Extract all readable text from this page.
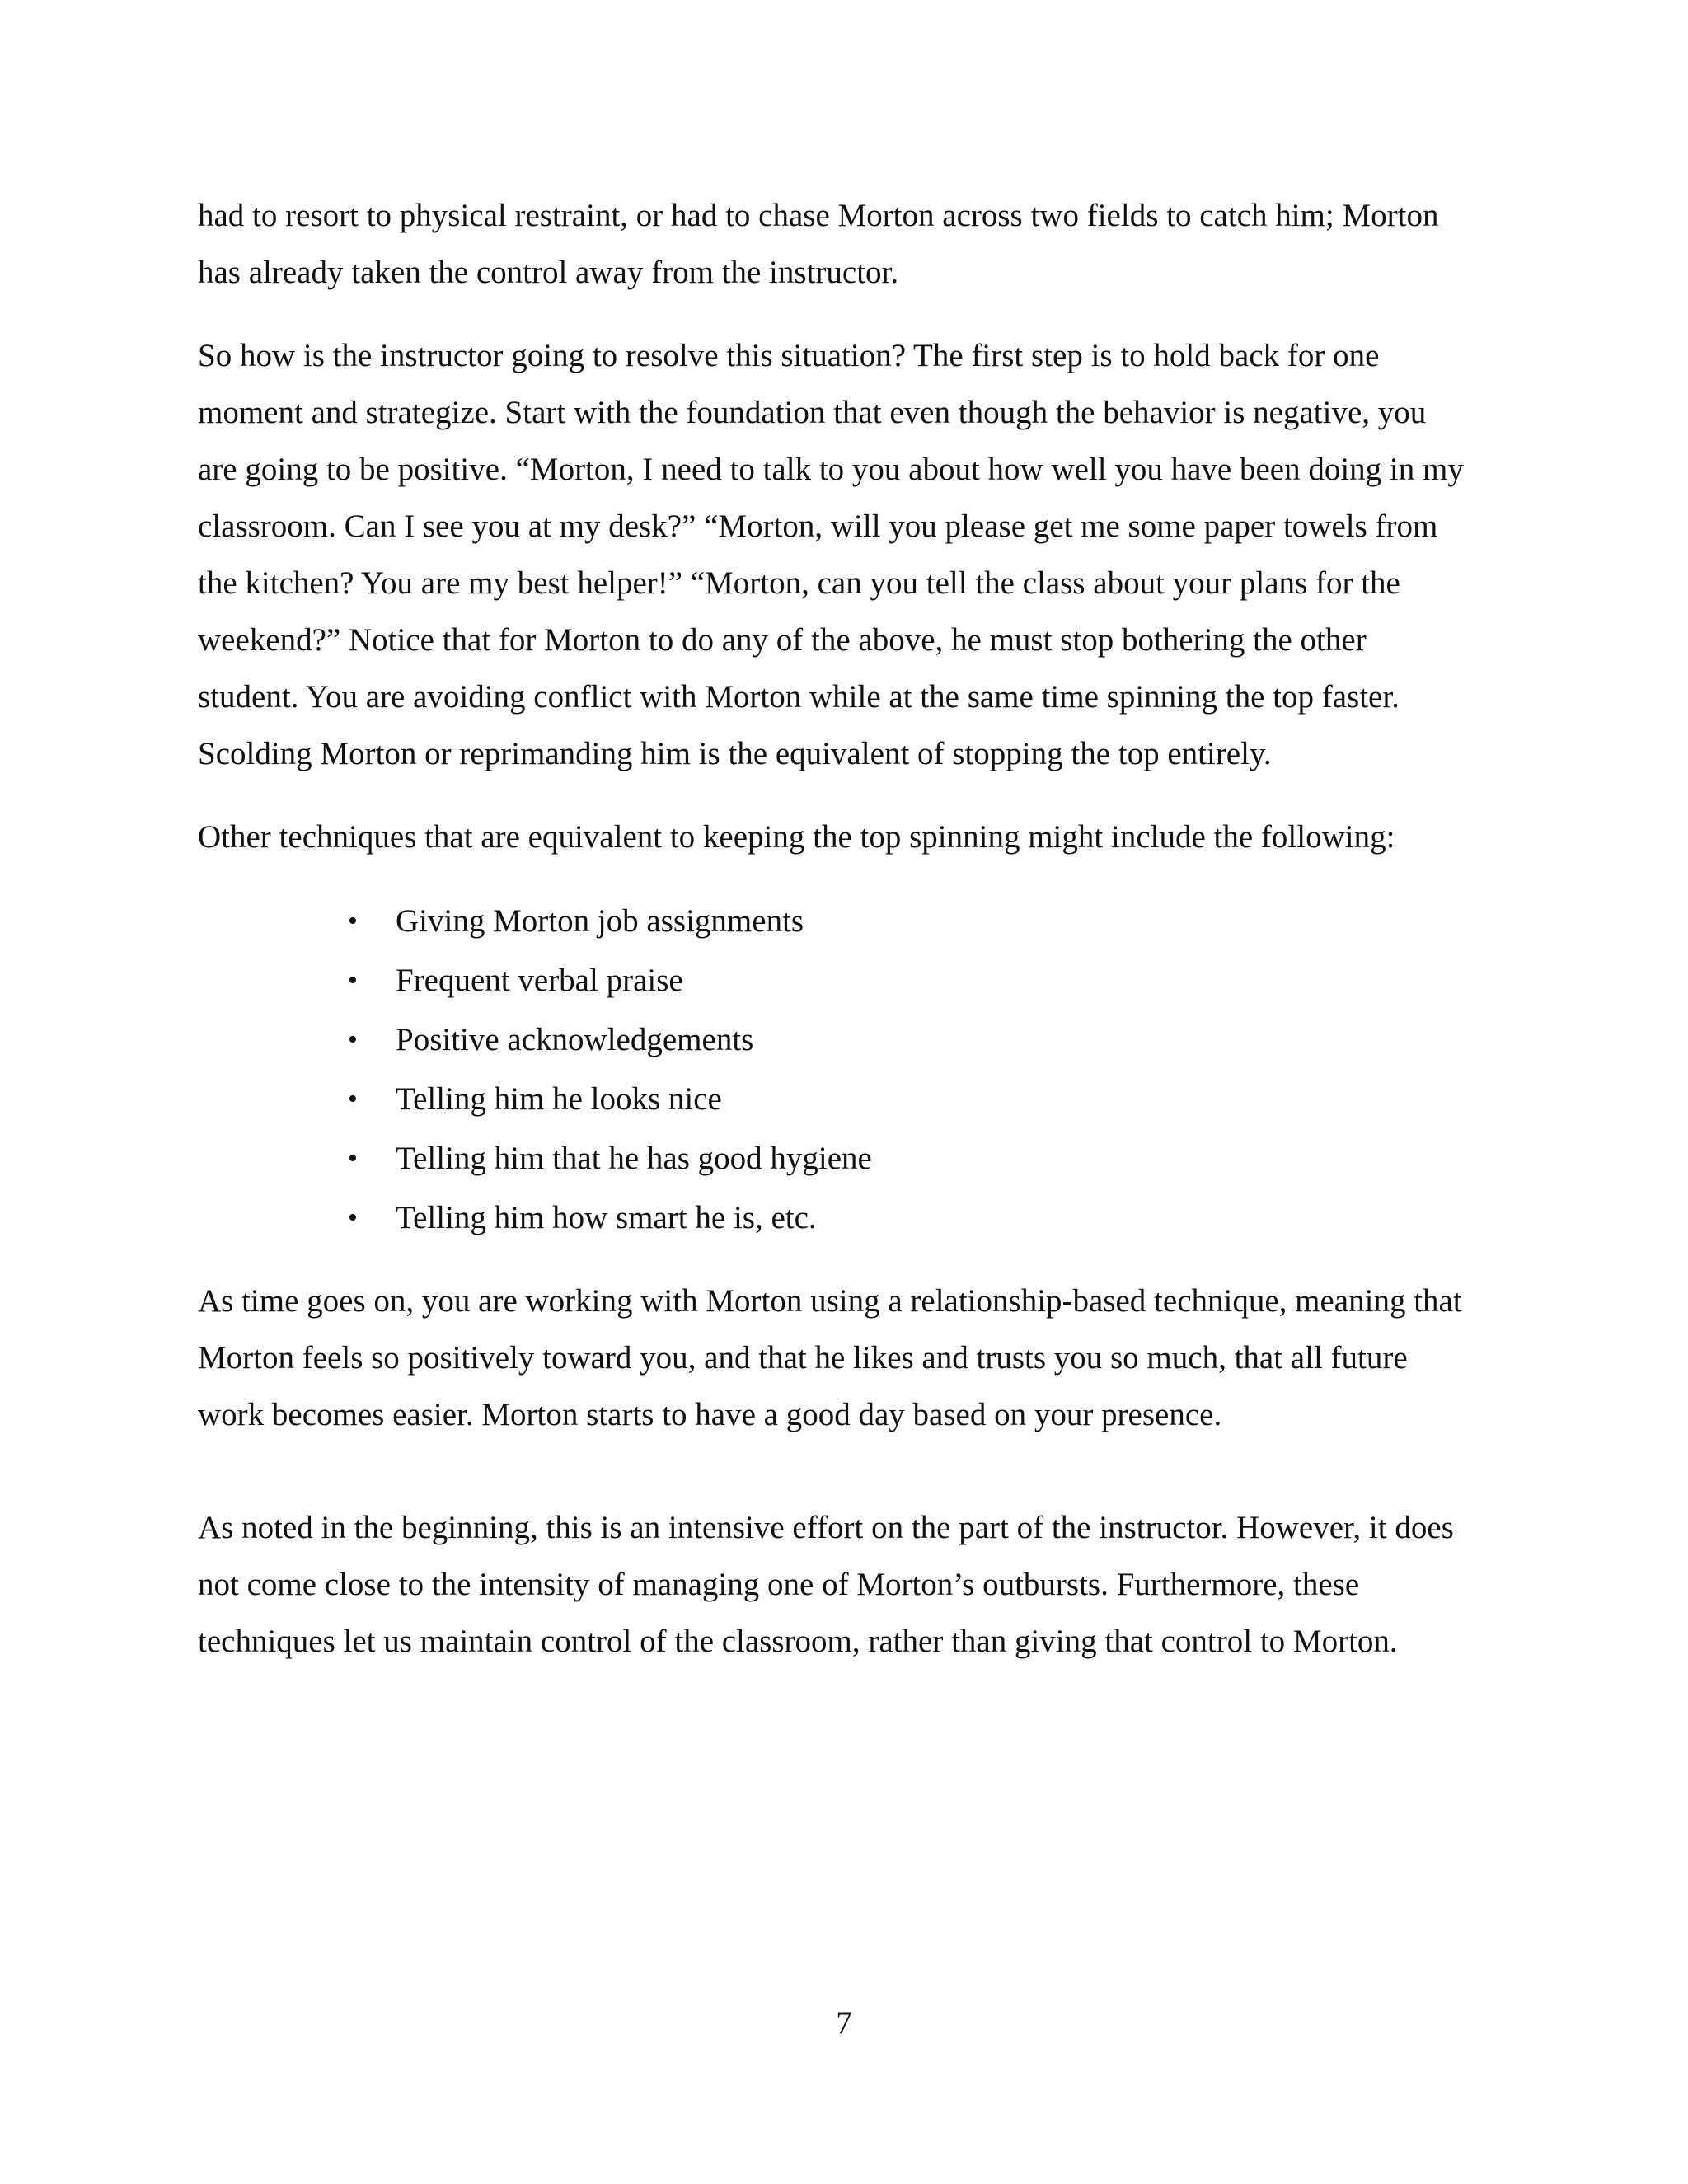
had to resort to physical restraint, or had to chase Morton across two fields to catch him; Morton has already taken the control away from the instructor.

So how is the instructor going to resolve this situation? The first step is to hold back for one moment and strategize. Start with the foundation that even though the behavior is negative, you are going to be positive. “Morton, I need to talk to you about how well you have been doing in my classroom. Can I see you at my desk?” “Morton, will you please get me some paper towels from the kitchen? You are my best helper!” “Morton, can you tell the class about your plans for the weekend?” Notice that for Morton to do any of the above, he must stop bothering the other student. You are avoiding conflict with Morton while at the same time spinning the top faster. Scolding Morton or reprimanding him is the equivalent of stopping the top entirely.

Other techniques that are equivalent to keeping the top spinning might include the following:

• Giving Morton job assignments
• Frequent verbal praise
• Positive acknowledgements
• Telling him he looks nice
• Telling him that he has good hygiene
• Telling him how smart he is, etc.

As time goes on, you are working with Morton using a relationship-based technique, meaning that Morton feels so positively toward you, and that he likes and trusts you so much, that all future work becomes easier. Morton starts to have a good day based on your presence.

As noted in the beginning, this is an intensive effort on the part of the instructor. However, it does not come close to the intensity of managing one of Morton’s outbursts. Furthermore, these techniques let us maintain control of the classroom, rather than giving that control to Morton.

7
